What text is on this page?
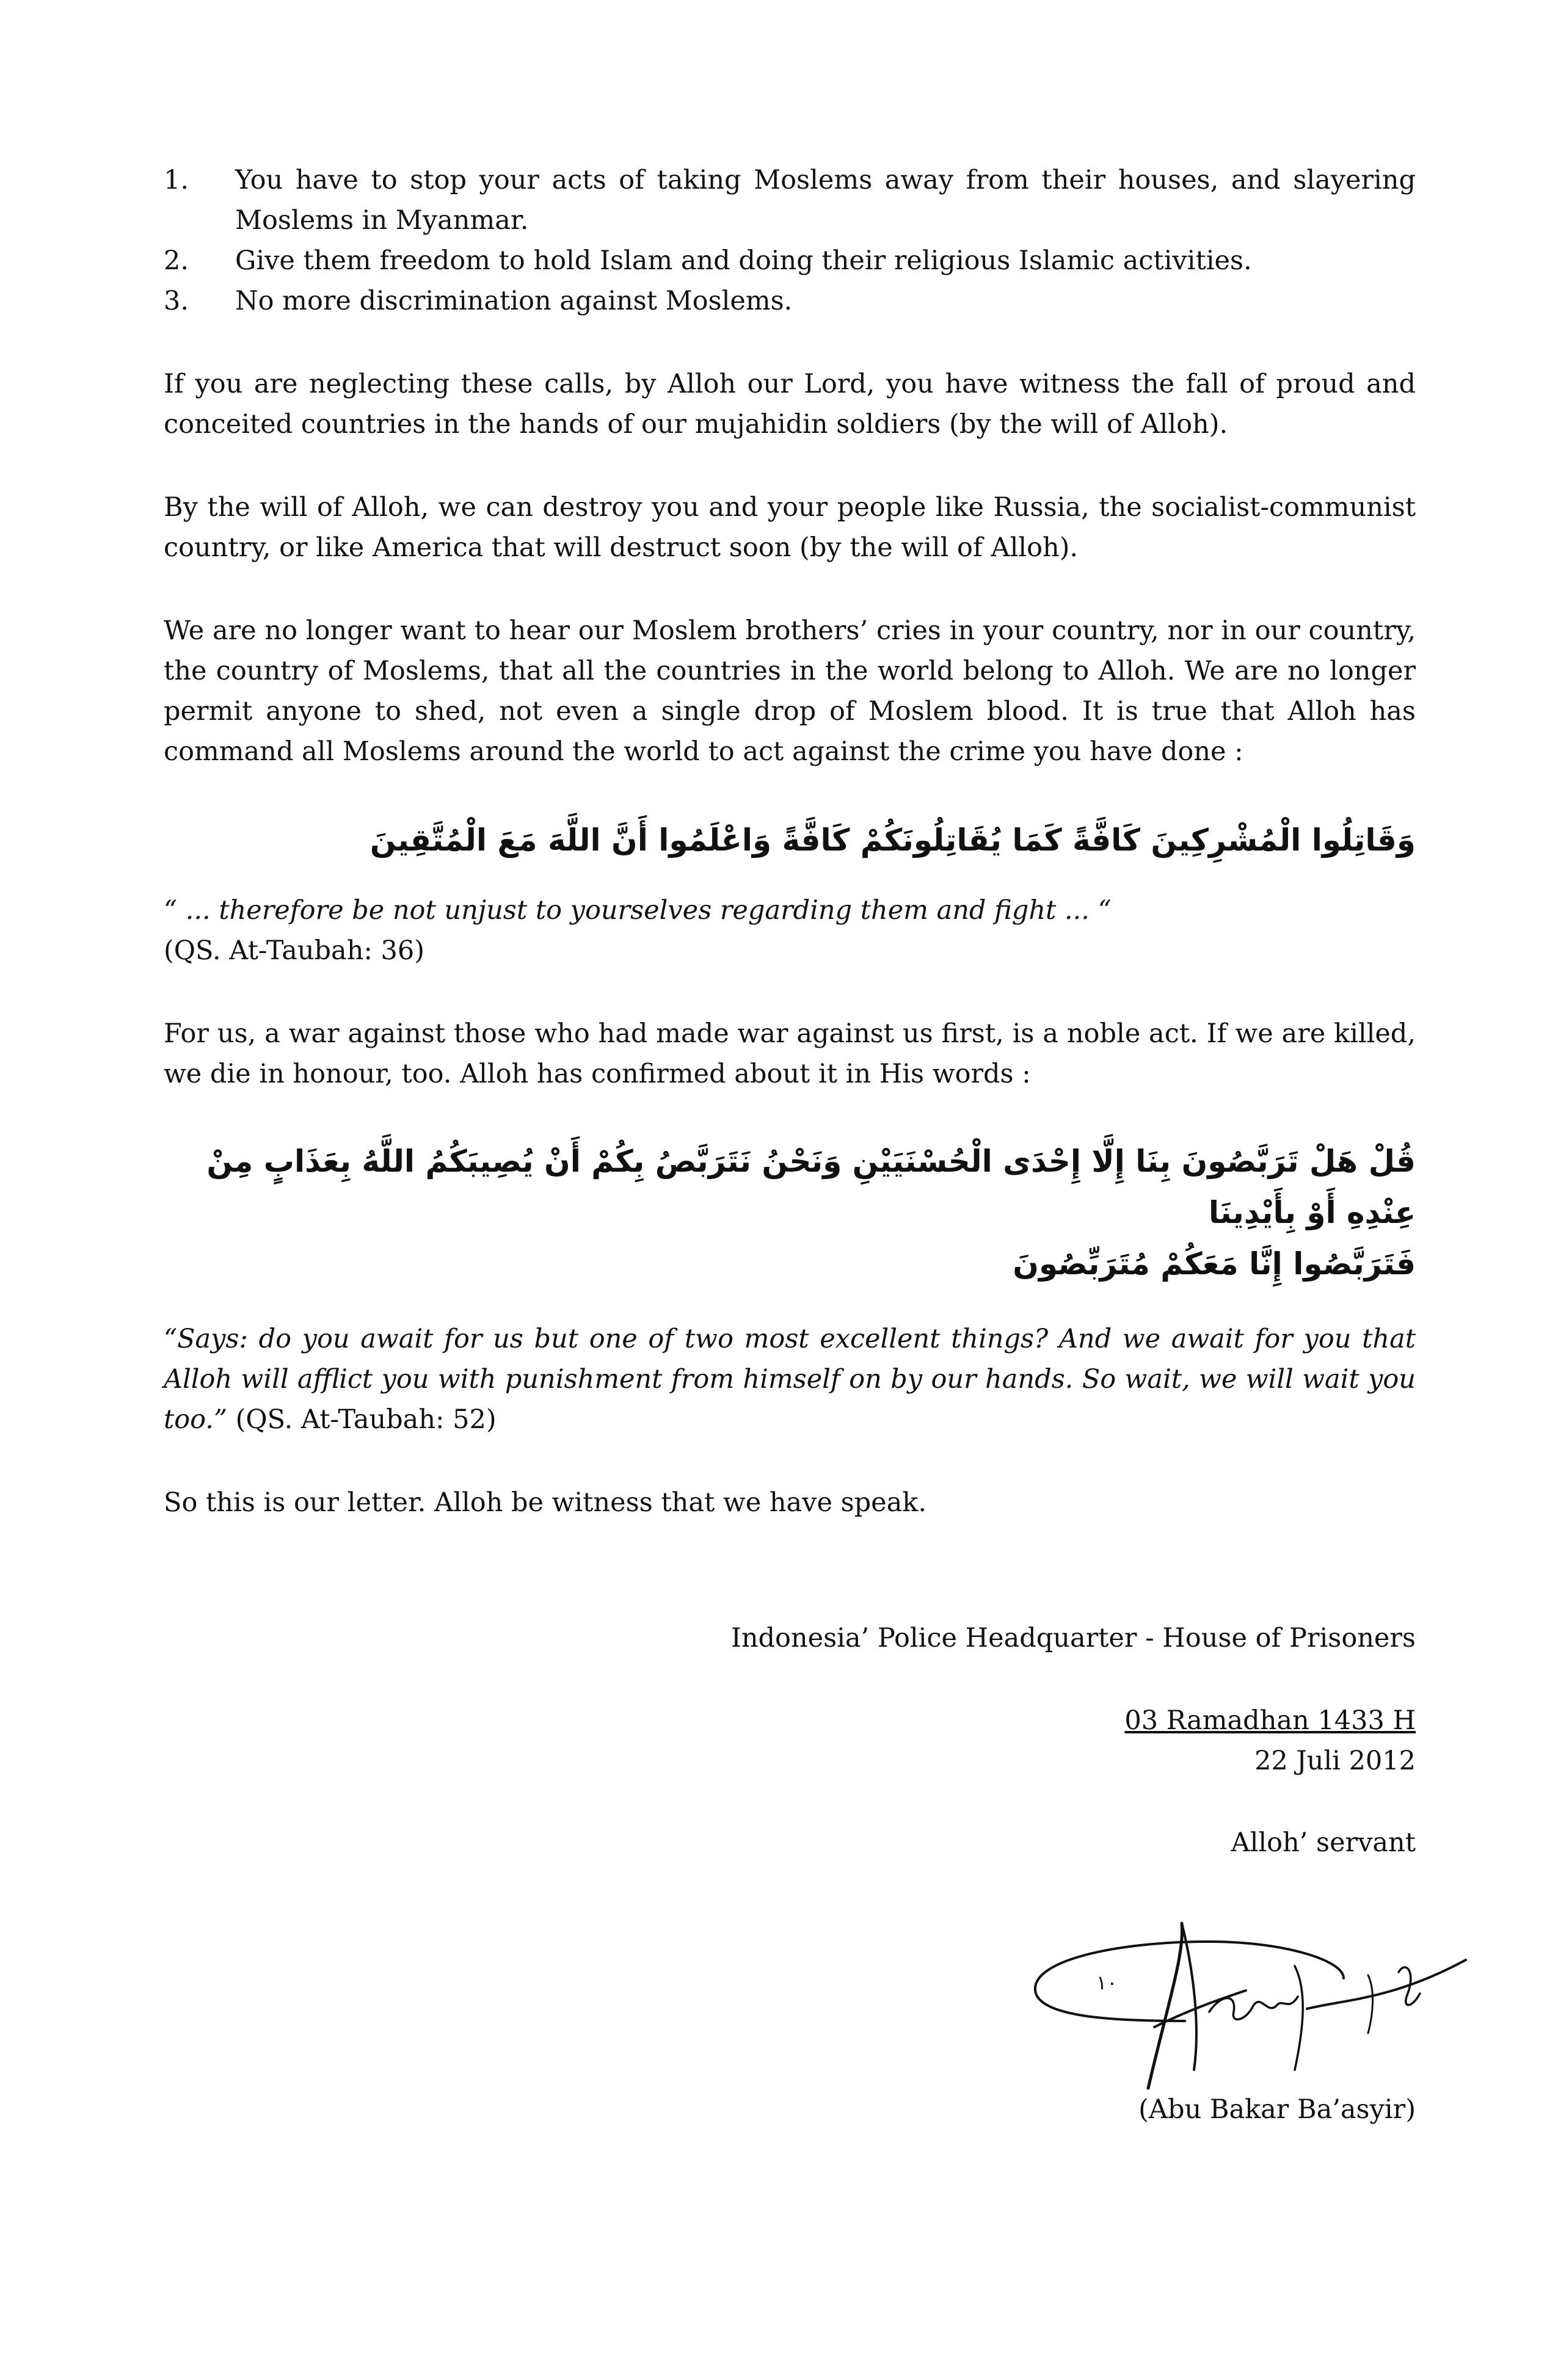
1. You have to stop your acts of taking Moslems away from their houses, and slayering Moslems in Myanmar.
2. Give them freedom to hold Islam and doing their religious Islamic activities.
3. No more discrimination against Moslems.

If you are neglecting these calls, by Alloh our Lord, you have witness the fall of proud and conceited countries in the hands of our mujahidin soldiers (by the will of Alloh).

By the will of Alloh, we can destroy you and your people like Russia, the socialist-communist country, or like America that will destruct soon (by the will of Alloh).

We are no longer want to hear our Moslem brothers’ cries in your country, nor in our country, the country of Moslems, that all the countries in the world belong to Alloh. We are no longer permit anyone to shed, not even a single drop of Moslem blood. It is true that Alloh has command all Moslems around the world to act against the crime you have done :

وَقَاتِلُوا الْمُشْرِكِينَ كَافَّةً كَمَا يُقَاتِلُونَكُمْ كَافَّةً وَاعْلَمُوا أَنَّ اللَّهَ مَعَ الْمُتَّقِينَ

“ ... therefore be not unjust to yourselves regarding them and fight ... “

(QS. At-Taubah: 36)

For us, a war against those who had made war against us first, is a noble act. If we are killed, we die in honour, too. Alloh has confirmed about it in His words :

قُلْ هَلْ تَرَبَّصُونَ بِنَا إِلَّا إِحْدَى الْحُسْنَيَيْنِ وَنَحْنُ نَتَرَبَّصُ بِكُمْ أَنْ يُصِيبَكُمُ اللَّهُ بِعَذَابٍ مِنْ عِنْدِهِ أَوْ بِأَيْدِينَا

فَتَرَبَّصُوا إِنَّا مَعَكُمْ مُتَرَبِّصُونَ

“Says: do you await for us but one of two most excellent things? And we await for you that Alloh will afflict you with punishment from himself on by our hands. So wait, we will wait you too.” (QS. At-Taubah: 52)

So this is our letter. Alloh be witness that we have speak.

Indonesia’ Police Headquarter - House of Prisoners
03 Ramadhan 1433 H
22 Juli 2012
Alloh’ servant
١٠
(Abu Bakar Ba’asyir)
